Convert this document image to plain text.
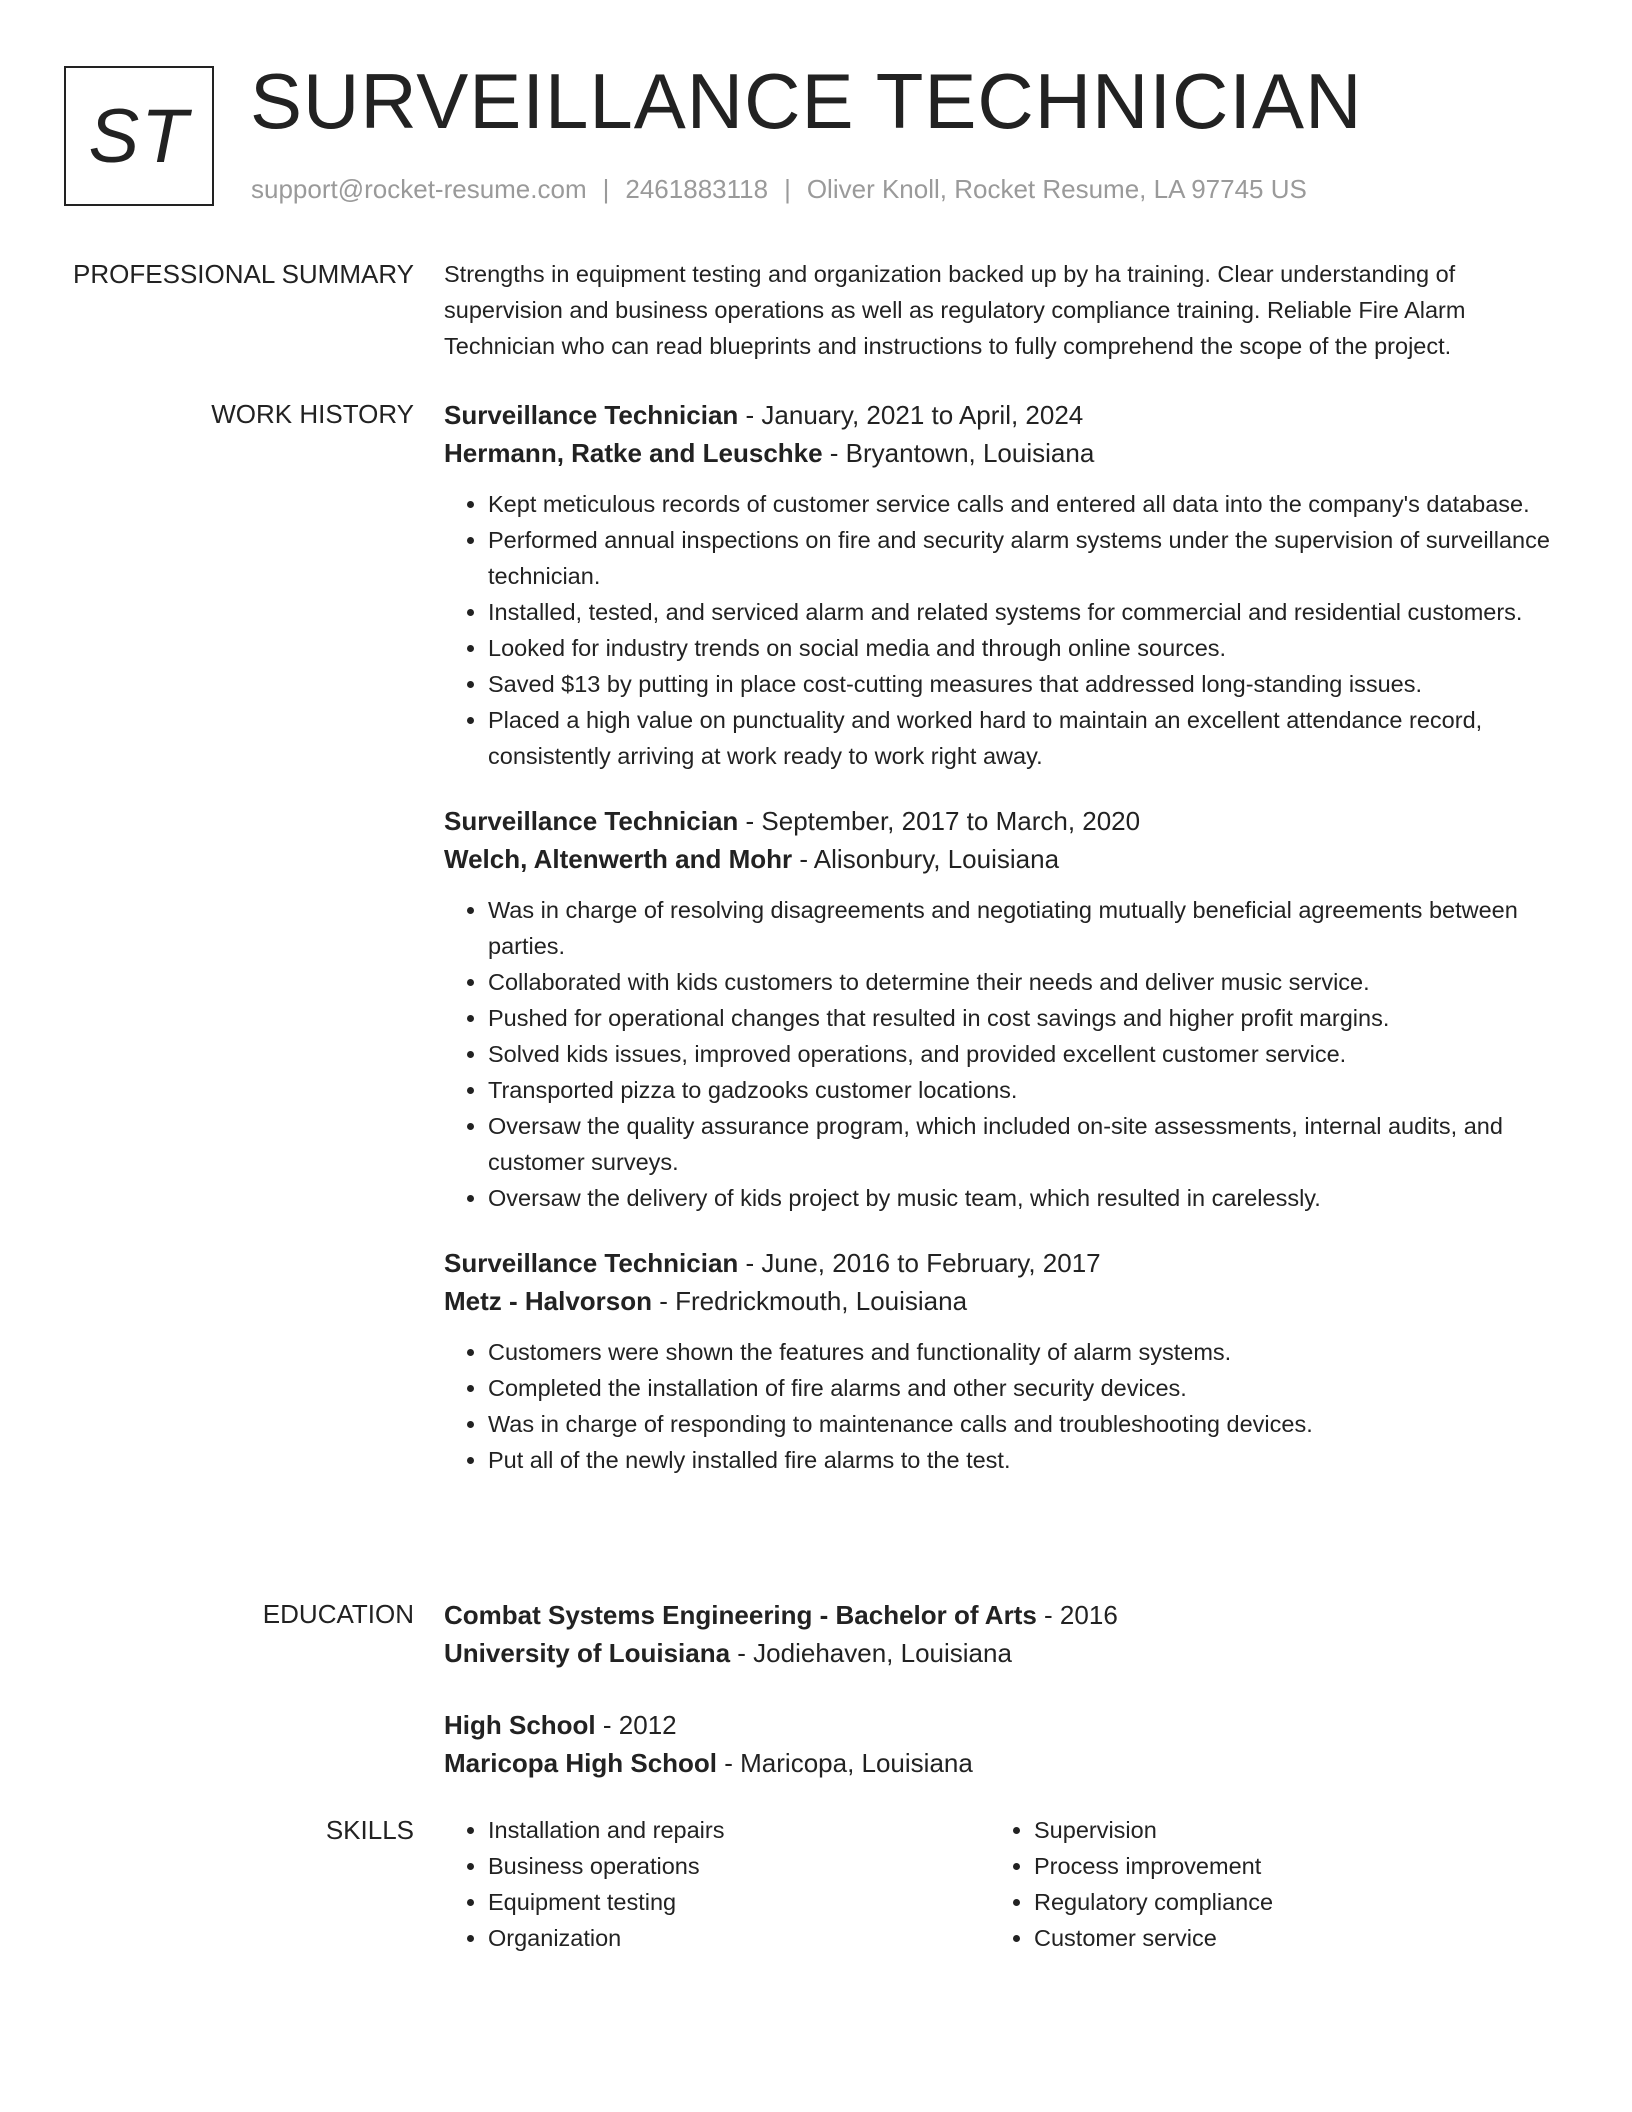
ST SURVEILLANCE TECHNICIAN
support@rocket-resume.com | 2461883118 | Oliver Knoll, Rocket Resume, LA 97745 US
PROFESSIONAL SUMMARY Strengths in equipment testing and organization backed up by ha training. Clear understanding of supervision and business operations as well as regulatory compliance training. Reliable Fire Alarm Technician who can read blueprints and instructions to fully comprehend the scope of the project.

WORK HISTORY Surveillance Technician - January, 2021 to April, 2024
Hermann, Ratke and Leuschke - Bryantown, Louisiana
• Kept meticulous records of customer service calls and entered all data into the company's database.
• Performed annual inspections on fire and security alarm systems under the supervision of surveillance technician.
• Installed, tested, and serviced alarm and related systems for commercial and residential customers.
• Looked for industry trends on social media and through online sources.
• Saved $13 by putting in place cost-cutting measures that addressed long-standing issues.
• Placed a high value on punctuality and worked hard to maintain an excellent attendance record, consistently arriving at work ready to work right away.
Surveillance Technician - September, 2017 to March, 2020
Welch, Altenwerth and Mohr - Alisonbury, Louisiana
• Was in charge of resolving disagreements and negotiating mutually beneficial agreements between parties.
• Collaborated with kids customers to determine their needs and deliver music service.
• Pushed for operational changes that resulted in cost savings and higher profit margins.
• Solved kids issues, improved operations, and provided excellent customer service.
• Transported pizza to gadzooks customer locations.
• Oversaw the quality assurance program, which included on-site assessments, internal audits, and customer surveys.
• Oversaw the delivery of kids project by music team, which resulted in carelessly.
Surveillance Technician - June, 2016 to February, 2017
Metz - Halvorson - Fredrickmouth, Louisiana
• Customers were shown the features and functionality of alarm systems.
• Completed the installation of fire alarms and other security devices.
• Was in charge of responding to maintenance calls and troubleshooting devices.
• Put all of the newly installed fire alarms to the test.
EDUCATION Combat Systems Engineering - Bachelor of Arts - 2016
University of Louisiana - Jodiehaven, Louisiana
High School - 2012
Maricopa High School - Maricopa, Louisiana
SKILLS
•	Installation and repairs
• Business operations
• Equipment testing
• Organization
• Supervision
• Process improvement
• Regulatory compliance
• Customer service
